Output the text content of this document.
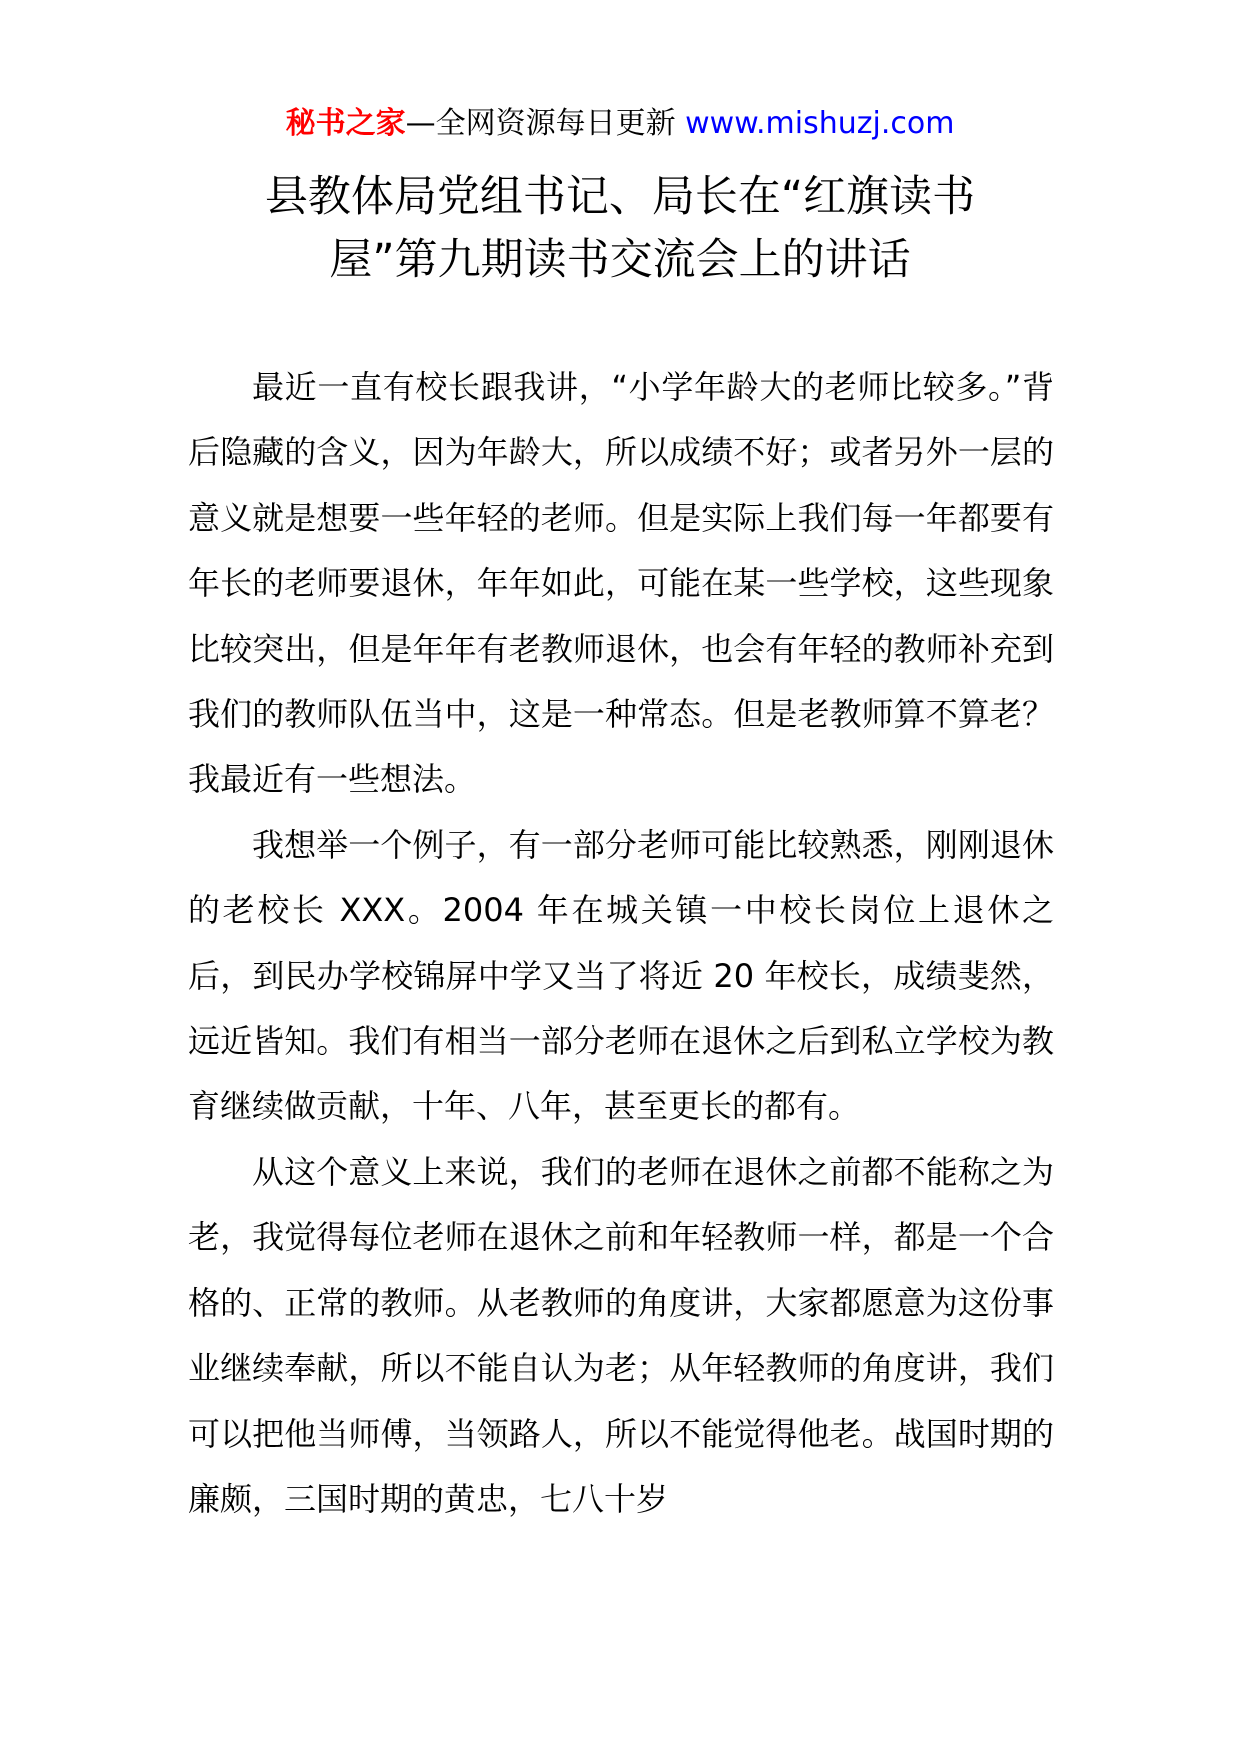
秘书之家—全网资源每日更新 www.mishuzj.com
县教体局党组书记、局长在“红旗读书
屋”第九期读书交流会上的讲话

最近一直有校长跟我讲，“小学年龄大的老师比较多。”背后隐藏的含义，因为年龄大，所以成绩不好；或者另外一层的意义就是想要一些年轻的老师。但是实际上我们每一年都要有年长的老师要退休，年年如此，可能在某一些学校，这些现象比较突出，但是年年有老教师退休，也会有年轻的教师补充到我们的教师队伍当中，这是一种常态。但是老教师算不算老？我最近有一些想法。

我想举一个例子，有一部分老师可能比较熟悉，刚刚退休的老校长 XXX。2004 年在城关镇一中校长岗位上退休之后，到民办学校锦屏中学又当了将近 20 年校长，成绩斐然，远近皆知。我们有相当一部分老师在退休之后到私立学校为教育继续做贡献，十年、八年，甚至更长的都有。

从这个意义上来说，我们的老师在退休之前都不能称之为老，我觉得每位老师在退休之前和年轻教师一样，都是一个合格的、正常的教师。从老教师的角度讲，大家都愿意为这份事业继续奉献，所以不能自认为老；从年轻教师的角度讲，我们可以把他当师傅，当领路人，所以不能觉得他老。战国时期的廉颇，三国时期的黄忠，七八十岁
